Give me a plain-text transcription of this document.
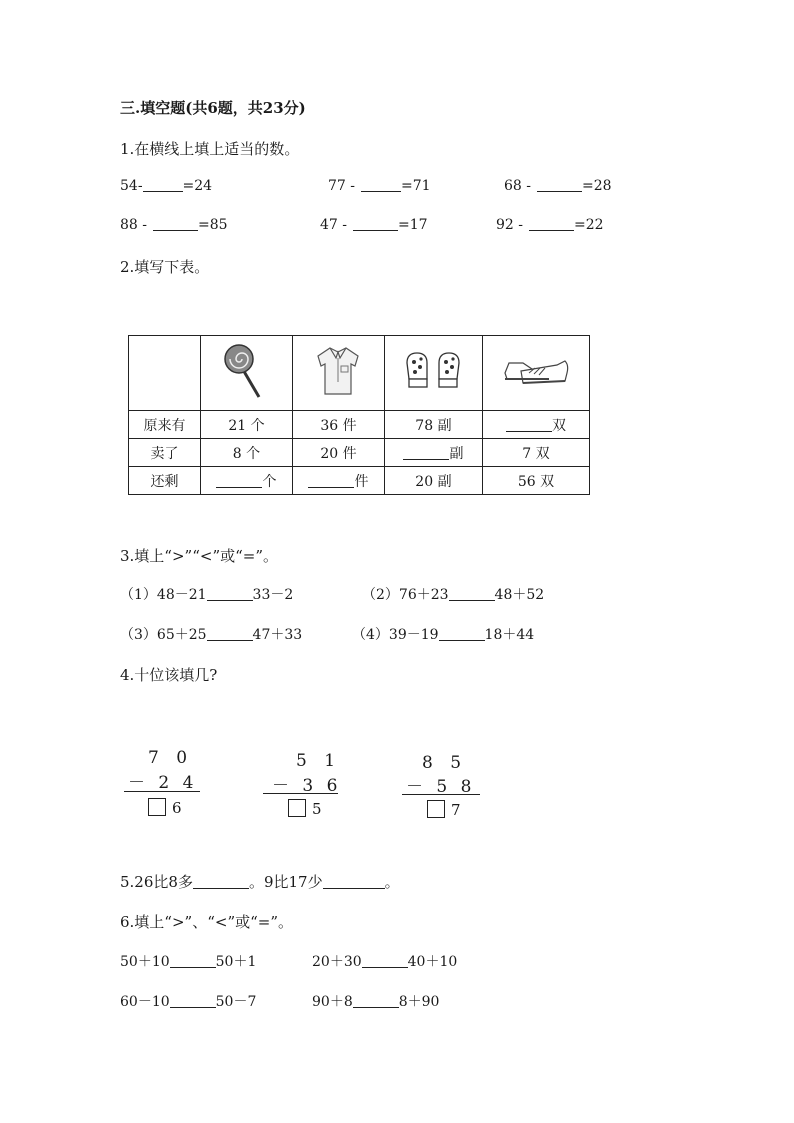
三.填空题(共6题，共23分)
1.在横线上填上适当的数。
54-	=24	77 -	=71	68 -	=28
88 -	=85	47 -	=17	92 -	=22
2.填写下表。

原来有	21 个	36 件	78 副	双
卖了	8 个	20 件	副	7 双
还剩	个	件	20 副	56 双
3.填上“>”“<”或“=”。
（1）48－21	33－2	（2）76＋23	48＋52
（3）65＋25	47＋33	（4）39－19	18＋44
4.十位该填几?
7 0
－ 2 4
6
5 1
－ 3 6
5
8 5
－ 5 8
7
5.26比8多	。9比17少	。
6.填上“>”、“<”或“=”。
50＋10	50＋1	20＋30	40＋10
60－10	50－7	90＋8	8＋90
